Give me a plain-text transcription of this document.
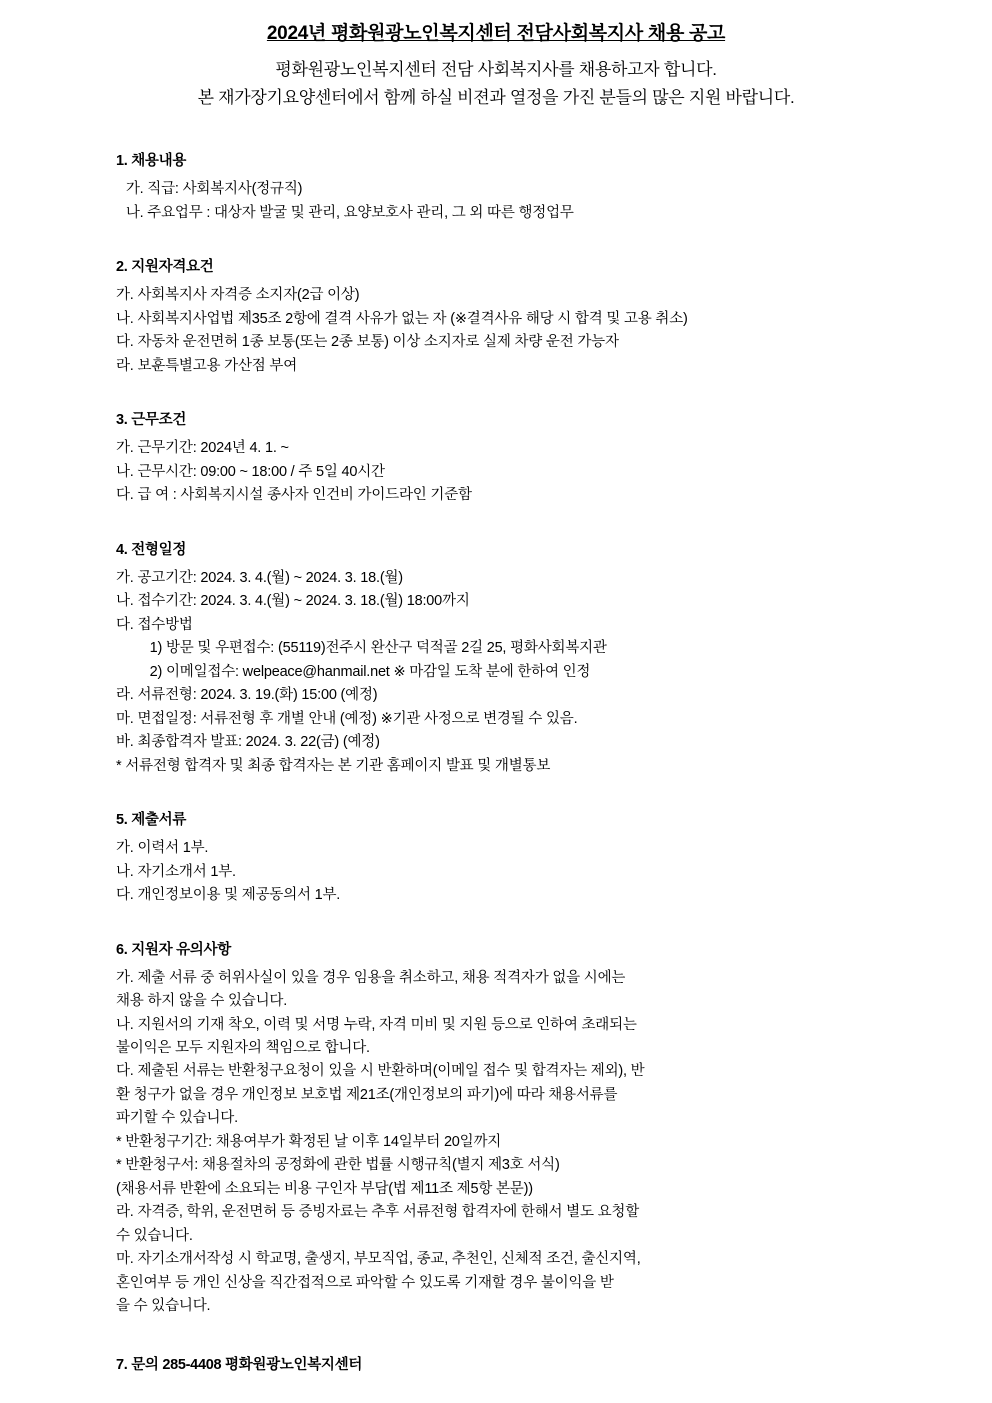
2024년 평화원광노인복지센터 전담사회복지사 채용 공고

평화원광노인복지센터 전담 사회복지사를 채용하고자 합니다.

본 재가장기요양센터에서 함께 하실 비젼과 열정을 가진 분들의 많은 지원 바랍니다.

1. 채용내용

가. 직급: 사회복지사(정규직)

나. 주요업무 : 대상자 발굴 및 관리, 요양보호사 관리, 그 외 따른 행정업무

2. 지원자격요건

가. 사회복지사 자격증 소지자(2급 이상)

나. 사회복지사업법 제35조 2항에 결격 사유가 없는 자 (※결격사유 해당 시 합격 및 고용 취소)

다. 자동차 운전면허 1종 보통(또는 2종 보통) 이상 소지자로 실제 차량 운전 가능자

라. 보훈특별고용 가산점 부여

3. 근무조건

가. 근무기간: 2024년 4. 1. ~

나. 근무시간: 09:00 ~ 18:00 / 주 5일 40시간

다. 급 여 : 사회복지시설 종사자 인건비 가이드라인 기준함

4. 전형일정

가. 공고기간: 2024. 3. 4.(월) ~ 2024. 3. 18.(월)

나. 접수기간: 2024. 3. 4.(월) ~ 2024. 3. 18.(월) 18:00까지

다. 접수방법

1) 방문 및 우편접수: (55119)전주시 완산구 덕적골 2길 25, 평화사회복지관

2) 이메일접수: welpeace@hanmail.net ※ 마감일 도착 분에 한하여 인정

라. 서류전형: 2024. 3. 19.(화) 15:00 (예정)

마. 면접일정: 서류전형 후 개별 안내 (예정) ※기관 사정으로 변경될 수 있음.

바. 최종합격자 발표: 2024. 3. 22(금) (예정)

* 서류전형 합격자 및 최종 합격자는 본 기관 홈페이지 발표 및 개별통보

5. 제출서류

가. 이력서 1부.

나. 자기소개서 1부.

다. 개인정보이용 및 제공동의서 1부.

6. 지원자 유의사항

가. 제출 서류 중 허위사실이 있을 경우 임용을 취소하고, 채용 적격자가 없을 시에는

채용 하지 않을 수 있습니다.

나. 지원서의 기재 착오, 이력 및 서명 누락, 자격 미비 및 지원 등으로 인하여 초래되는

불이익은 모두 지원자의 책임으로 합니다.

다. 제출된 서류는 반환청구요청이 있을 시 반환하며(이메일 접수 및 합격자는 제외), 반

환 청구가 없을 경우 개인정보 보호법 제21조(개인정보의 파기)에 따라 채용서류를

파기할 수 있습니다.

* 반환청구기간: 채용여부가 확정된 날 이후 14일부터 20일까지

* 반환청구서: 채용절차의 공정화에 관한 법률 시행규칙(별지 제3호 서식)

(채용서류 반환에 소요되는 비용 구인자 부담(법 제11조 제5항 본문))

라. 자격증, 학위, 운전면허 등 증빙자료는 추후 서류전형 합격자에 한해서 별도 요청할

수 있습니다.

마. 자기소개서작성 시 학교명, 출생지, 부모직업, 종교, 추천인, 신체적 조건, 출신지역,

혼인여부 등 개인 신상을 직간접적으로 파악할 수 있도록 기재할 경우 불이익을 받

을 수 있습니다.

7. 문의 285-4408 평화원광노인복지센터
